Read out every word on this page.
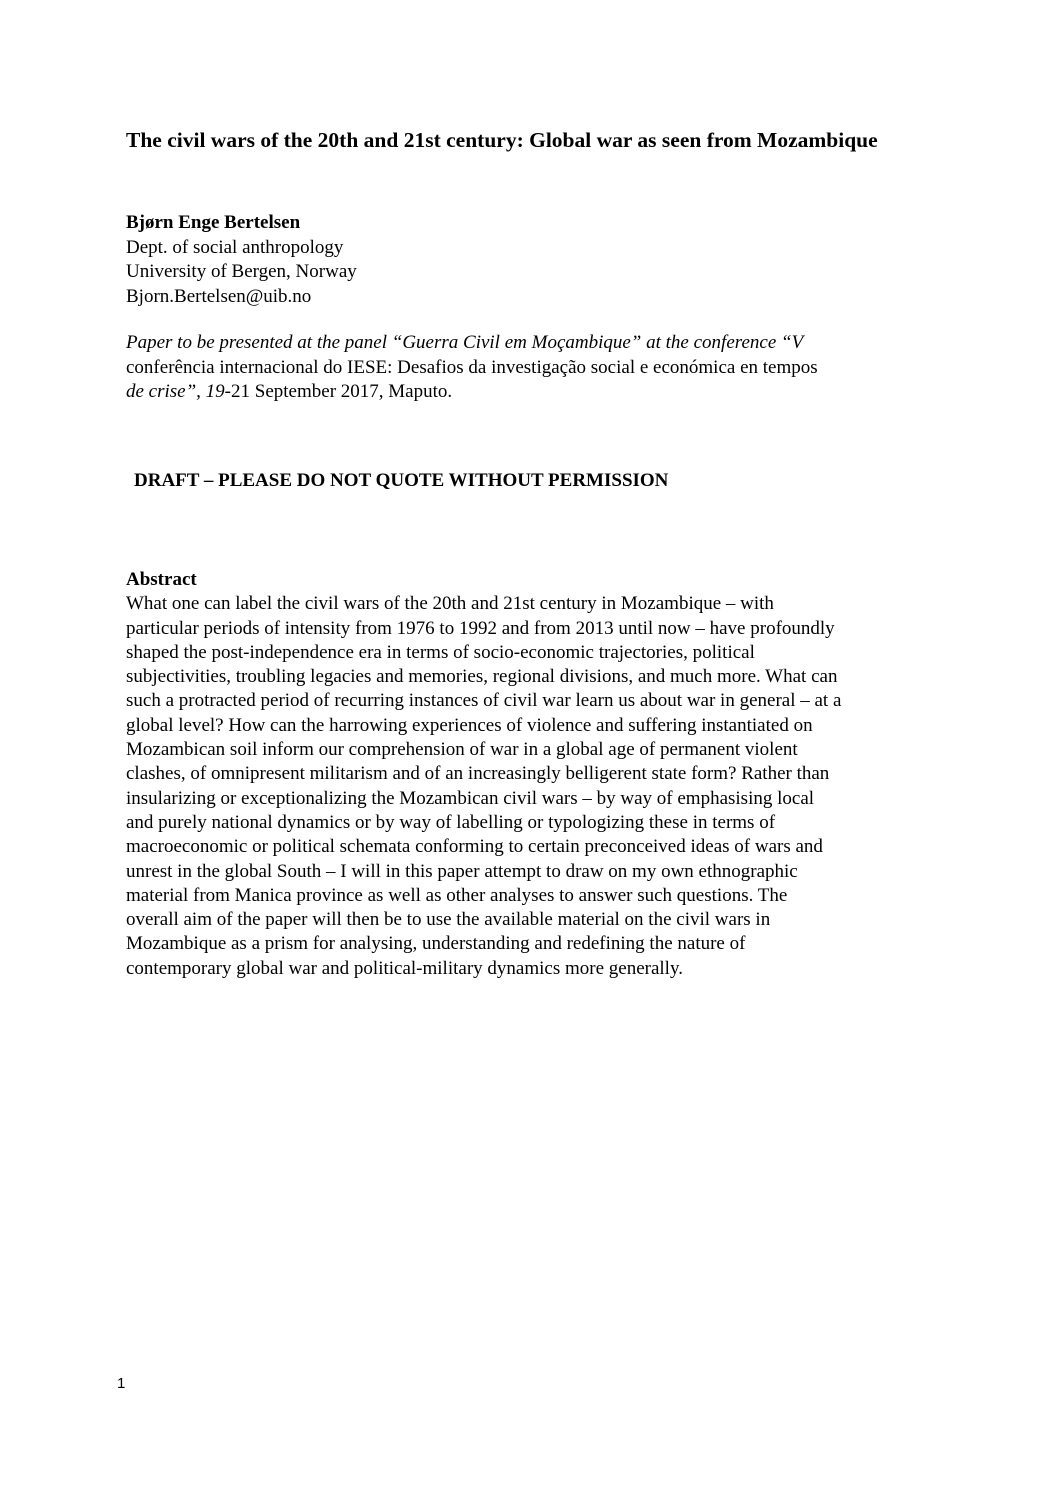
The civil wars of the 20th and 21st century: Global war as seen from Mozambique
Bjørn Enge Bertelsen
Dept. of social anthropology
University of Bergen, Norway
Bjorn.Bertelsen@uib.no
Paper to be presented at the panel “Guerra Civil em Moçambique” at the conference “V
conferência internacional do IESE: Desafios da investigação social e económica en tempos
de crise”, 19-21 September 2017, Maputo.
DRAFT – PLEASE DO NOT QUOTE WITHOUT PERMISSION
Abstract
What one can label the civil wars of the 20th and 21st century in Mozambique – with
particular periods of intensity from 1976 to 1992 and from 2013 until now – have profoundly
shaped the post-independence era in terms of socio-economic trajectories, political
subjectivities, troubling legacies and memories, regional divisions, and much more. What can
such a protracted period of recurring instances of civil war learn us about war in general – at a
global level? How can the harrowing experiences of violence and suffering instantiated on
Mozambican soil inform our comprehension of war in a global age of permanent violent
clashes, of omnipresent militarism and of an increasingly belligerent state form? Rather than
insularizing or exceptionalizing the Mozambican civil wars – by way of emphasising local
and purely national dynamics or by way of labelling or typologizing these in terms of
macroeconomic or political schemata conforming to certain preconceived ideas of wars and
unrest in the global South – I will in this paper attempt to draw on my own ethnographic
material from Manica province as well as other analyses to answer such questions. The
overall aim of the paper will then be to use the available material on the civil wars in
Mozambique as a prism for analysing, understanding and redefining the nature of
contemporary global war and political-military dynamics more generally.
1
